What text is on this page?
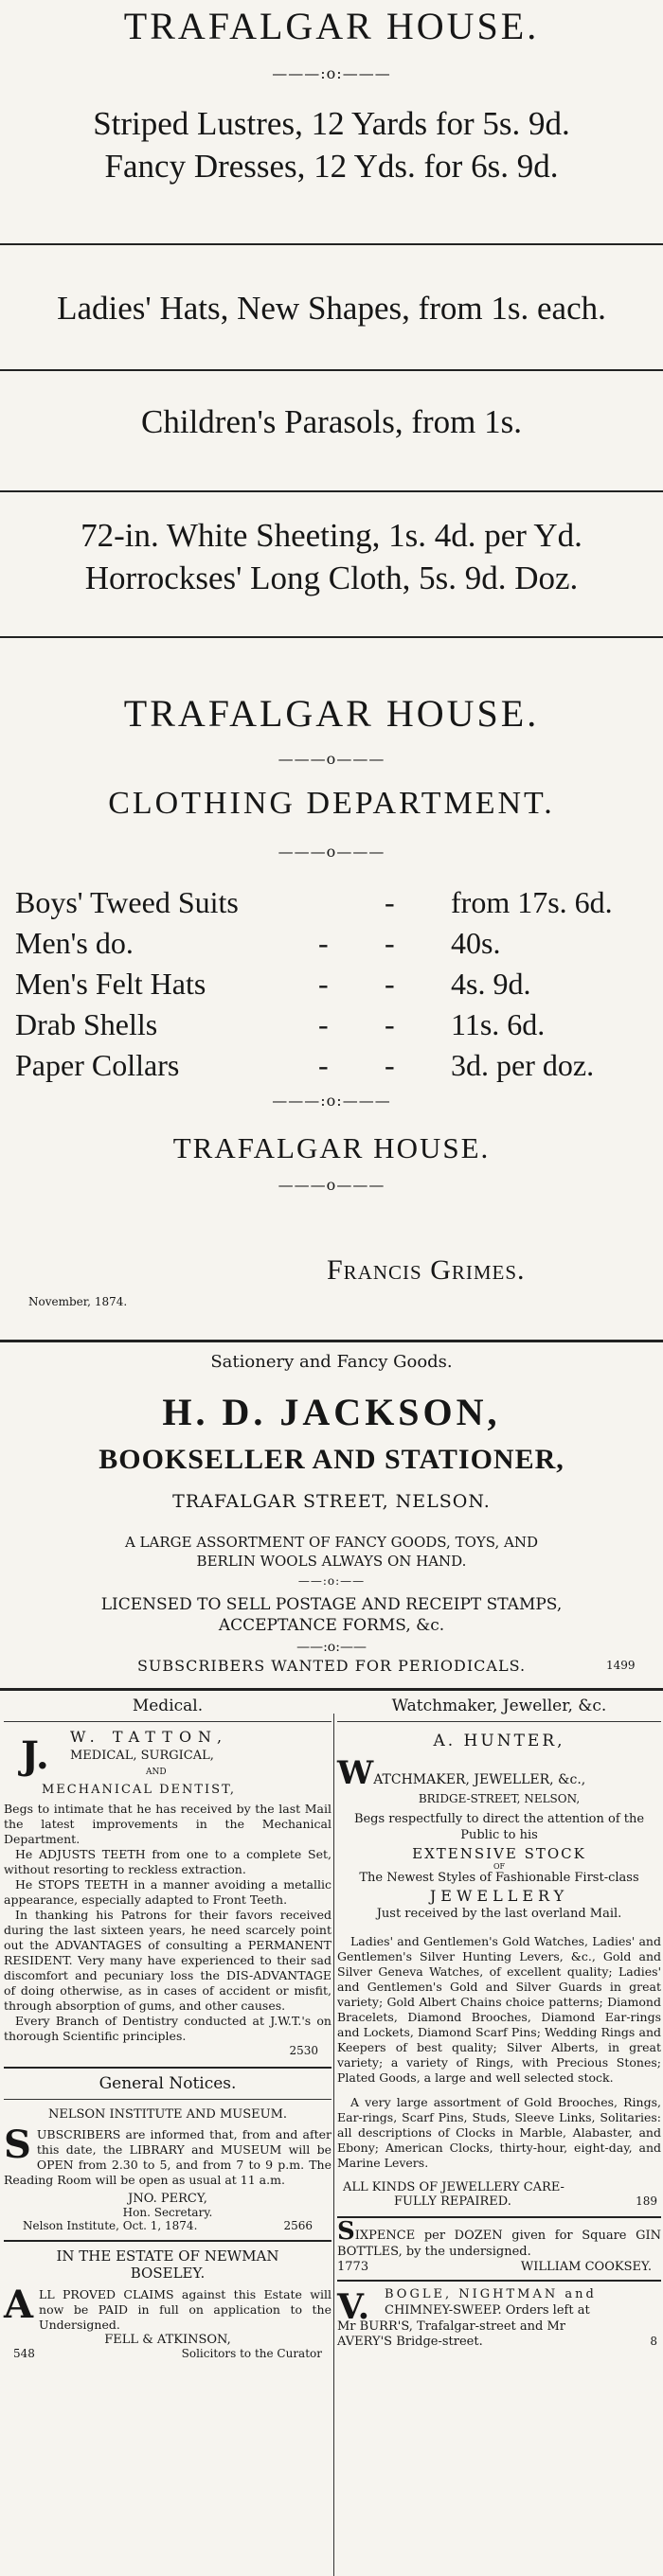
TRAFALGAR HOUSE.
———:o:———
Striped Lustres, 12 Yards for 5s. 9d.
Fancy Dresses, 12 Yds. for 6s. 9d.
Ladies' Hats, New Shapes, from 1s. each.
Children's Parasols, from 1s.
72-in. White Sheeting, 1s. 4d. per Yd.
Horrockses' Long Cloth, 5s. 9d. Doz.
TRAFALGAR HOUSE.
———o———
CLOTHING DEPARTMENT.
———o———
Boys' Tweed Suits	- from 17s. 6d.
Men's do.	- - 40s.
Men's Felt Hats	- - 4s. 9d.
Drab Shells	- - 11s. 6d.
Paper Collars	- - 3d. per doz.
———:o:———
TRAFALGAR HOUSE.
———o———
Francis Grimes.
November, 1874.
Sationery and Fancy Goods.
H. D. JACKSON,
BOOKSELLER AND STATIONER,
TRAFALGAR STREET, NELSON.
A LARGE ASSORTMENT OF FANCY GOODS, TOYS, AND
BERLIN WOOLS ALWAYS ON HAND.
——:o:——
LICENSED TO SELL POSTAGE AND RECEIPT STAMPS,
ACCEPTANCE FORMS, &c.
——:o:——
SUBSCRIBERS WANTED FOR PERIODICALS.	1499
Medical.
J. W. TATTON,
MEDICAL, SURGICAL,
AND
MECHANICAL DENTIST,

Begs to intimate that he has received by the last Mail the latest improvements in the Mechanical Department.

He ADJUSTS TEETH from one to a complete Set, without resorting to reckless extraction.

He STOPS TEETH in a manner avoiding a metallic appearance, especially adapted to Front Teeth.

In thanking his Patrons for their favors received during the last sixteen years, he need scarcely point out the ADVANTAGES of consulting a PERMANENT RESIDENT. Very many have experienced to their sad discomfort and pecuniary loss the DIS-ADVANTAGE of doing otherwise, as in cases of accident or misfit, through absorption of gums, and other causes.

Every Branch of Dentistry conducted at J.W.T.'s on thorough Scientific principles.

2530
General Notices.
NELSON INSTITUTE AND MUSEUM.

SUBSCRIBERS are informed that, from and after this date, the LIBRARY and MUSEUM will be OPEN from 2.30 to 5, and from 7 to 9 p.m. The Reading Room will be open as usual at 11 a.m.

JNO. PERCY,
Hon. Secretary.
Nelson Institute, Oct. 1, 1874.	2566
IN THE ESTATE OF NEWMAN
BOSELEY.

ALL PROVED CLAIMS against this Estate will now be PAID in full on application to the Undersigned.

FELL & ATKINSON,
548	Solicitors to the Curator
Watchmaker, Jeweller, &c.
A. HUNTER,
WATCHMAKER, JEWELLER, &c.,
BRIDGE-STREET, NELSON,
Begs respectfully to direct the attention of the Public to his
EXTENSIVE STOCK
OF
The Newest Styles of Fashionable First-class
JEWELLERY
Just received by the last overland Mail.

Ladies' and Gentlemen's Gold Watches, Ladies' and Gentlemen's Silver Hunting Levers, &c., Gold and Silver Geneva Watches, of excellent quality; Ladies' and Gentlemen's Gold and Silver Guards in great variety; Gold Albert Chains choice patterns; Diamond Bracelets, Diamond Brooches, Diamond Ear-rings and Lockets, Diamond Scarf Pins; Wedding Rings and Keepers of best quality; Silver Alberts, in great variety; a variety of Rings, with Precious Stones; Plated Goods, a large and well selected stock.

A very large assortment of Gold Brooches, Rings, Ear-rings, Scarf Pins, Studs, Sleeve Links, Solitaries: all descriptions of Clocks in Marble, Alabaster, and Ebony; American Clocks, thirty-hour, eight-day, and Marine Levers.

ALL KINDS OF JEWELLERY CARE-
FULLY REPAIRED.	189

SIXPENCE per DOZEN given for Square GIN BOTTLES, by the undersigned.

1773	WILLIAM COOKSEY.
V. BOGLE, NIGHTMAN and
CHIMNEY-SWEEP. Orders left at
Mr BURR'S, Trafalgar-street and Mr
AVERY'S Bridge-street.	8
